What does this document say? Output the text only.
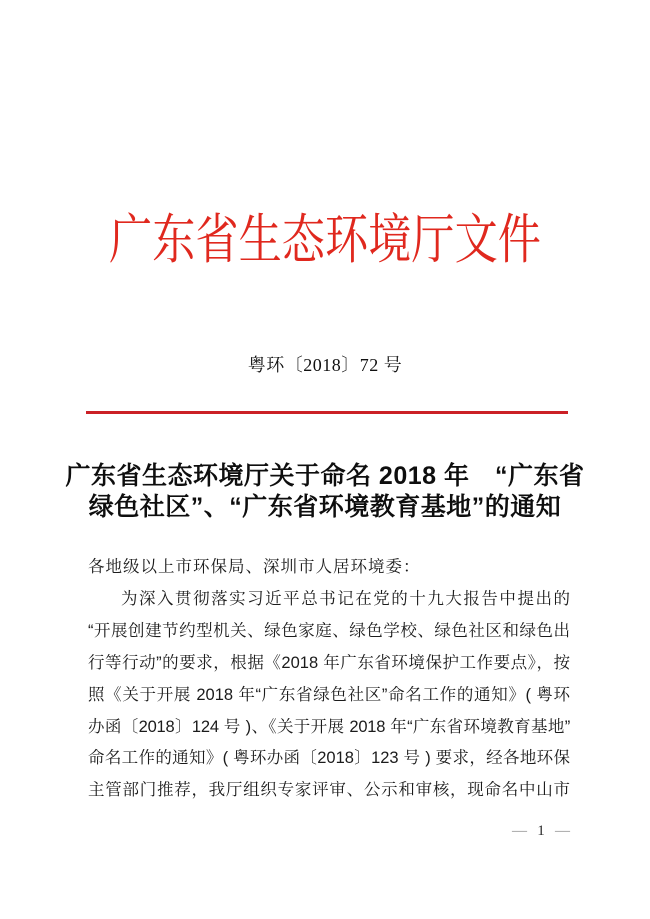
广东省生态环境厅文件
粤环〔2018〕72 号
广东省生态环境厅关于命名 2018 年　“广东省
绿色社区”、“广东省环境教育基地”的通知
各地级以上市环保局、深圳市人居环境委：
为深入贯彻落实习近平总书记在党的十九大报告中提出的
“开展创建节约型机关、绿色家庭、绿色学校、绿色社区和绿色出
行等行动”的要求，根据《2018 年广东省环境保护工作要点》，按
照《关于开展 2018 年“广东省绿色社区”命名工作的通知》( 粤环
办函〔2018〕124 号 )、《关于开展 2018 年“广东省环境教育基地”
命名工作的通知》( 粤环办函〔2018〕123 号 ) 要求，经各地环保
主管部门推荐，我厅组织专家评审、公示和审核，现命名中山市
— 1 —
